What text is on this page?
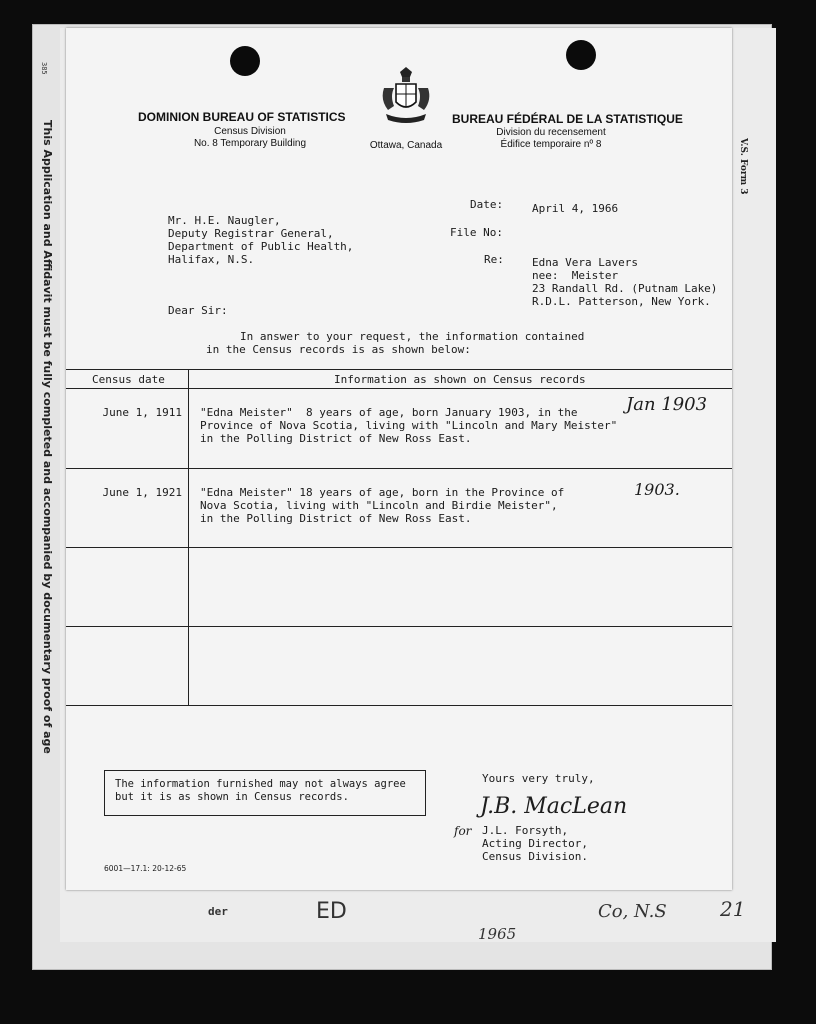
This Application and Affidavit must be fully completed and accompanied by documentary proof of age
385
V.S. Form 3
der	ED	Co, N.S
1965
21
DOMINION BUREAU OF STATISTICS
Census Division
No. 8 Temporary Building	Ottawa, Canada
BUREAU FÉDÉRAL DE LA STATISTIQUE
Division du recensement
Édifice temporaire nº 8
Date:	April 4, 1966
Mr. H.E. Naugler,
Deputy Registrar General,
Department of Public Health,
Halifax, N.S.
File No:
Re:	Edna Vera Lavers
nee:  Meister
23 Randall Rd. (Putnam Lake)
R.D.L. Patterson, New York.
Dear Sir:
In answer to your request, the information contained
in the Census records is as shown below:
Census date	Information as shown on Census records
June 1, 1911 "Edna Meister"  8 years of age, born January 1903, in the
Province of Nova Scotia, living with "Lincoln and Mary Meister"
in the Polling District of New Ross East.
Jan 1903
June 1, 1921 "Edna Meister" 18 years of age, born in the Province of
Nova Scotia, living with "Lincoln and Birdie Meister",
in the Polling District of New Ross East.
1903.
The information furnished may not always agree
but it is as shown in Census records.
Yours very truly,
J.B. MacLean
for J.L. Forsyth,
Acting Director,
Census Division.
6001—17.1: 20-12-65
